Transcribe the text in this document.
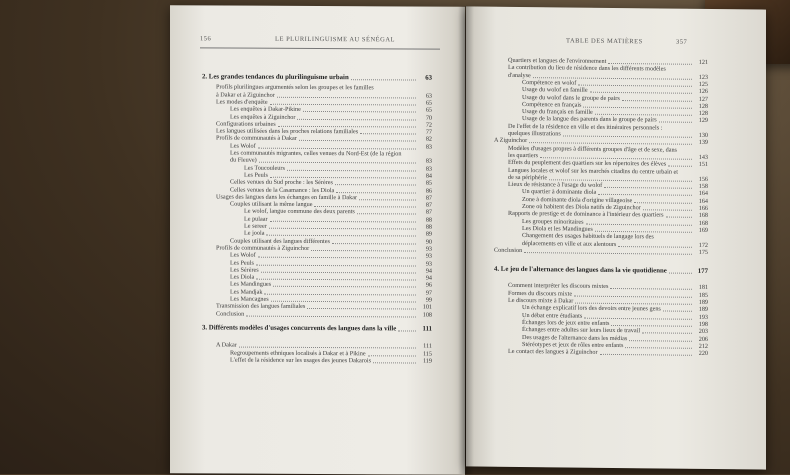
156	LE PLURILINGUISME AU SÉNÉGAL
2. Les grandes tendances du plurilinguisme urbain	63
Profils plurilingues argumentés selon les groupes et les familles
à Dakar et à Ziguinchor	63
Les modes d'enquête	65
Les enquêtes à Dakar-Pikine	65
Les enquêtes à Ziguinchor	70
Configurations urbaines	72
Les langues utilisées dans les proches relations familiales	77
Profils de communautés à Dakar	82
Les Wolof	83
Les communautés migrantes, celles venues du Nord-Est (de la région
du Fleuve)	83
Les Toucouleurs	83
Les Peuls	84
Celles venues du Sud proche : les Sérères	85
Celles venues de la Casamance : les Diola	86
Usages des langues dans les échanges en famille à Dakar	87
Couples utilisant la même langue	87
Le wolof, langue commune des deux parents	87
Le pulaar	88
Le sereer	88
Le joola	89
Couples utilisant des langues différentes	90
Profils de communautés à Ziguinchor	93
Les Wolof	93
Les Peuls	93
Les Sérères	94
Les Diola	94
Les Mandingues	96
Les Mandjak	97
Les Mancagnes	99
Transmission des langues familiales	101
Conclusion	108
3. Différents modèles d'usages concurrents des langues dans la ville	111
A Dakar	111
Regroupements ethniques localisés à Dakar et à Pikine	115
L'effet de la résidence sur les usages des jeunes Dakarois	119
TABLE DES MATIÈRES	357
Quartiers et langues de l'environnement	121
La contribution du lieu de résidence dans les différents modèles
d'analyse	123
Compétence en wolof	125
Usage du wolof en famille	126
Usage du wolof dans le groupe de pairs	127
Compétence en français	128
Usage du français en famille	128
Usage de la langue des parents dans le groupe de pairs	129
De l'effet de la résidence en ville et des itinéraires personnels :
quelques illustrations	130
A Ziguinchor	139
Modèles d'usages propres à différents groupes d'âge et de sexe, dans
les quartiers	143
Effets du peuplement des quartiers sur les répertoires des élèves	151
Langues locales et wolof sur les marchés citadins du centre urbain et
de sa périphérie	156
Lieux de résistance à l'usage du wolof	158
Un quartier à dominante diola	164
Zone à dominante diola d'origine villageoise	164
Zone où habitent des Diola natifs de Ziguinchor	166
Rapports de prestige et de dominance à l'intérieur des quartiers	168
Les groupes minoritaires	168
Les Diola et les Mandingues	169
Changement des usages habituels de langage lors des
déplacements en ville et aux alentours	172
Conclusion	175
4. Le jeu de l'alternance des langues dans la vie quotidienne	177
Comment interpréter les discours mixtes	181
Formes du discours mixte	185
Le discours mixte à Dakar	189
Un échange explicatif lors des devoirs entre jeunes gens	189
Un débat entre étudiants	193
Échanges lors de jeux entre enfants	198
Échanges entre adultes sur leurs lieux de travail	203
Des usages de l'alternance dans les médias	206
Stéréotypes et jeux de rôles entre enfants	212
Le contact des langues à Ziguinchor	220
